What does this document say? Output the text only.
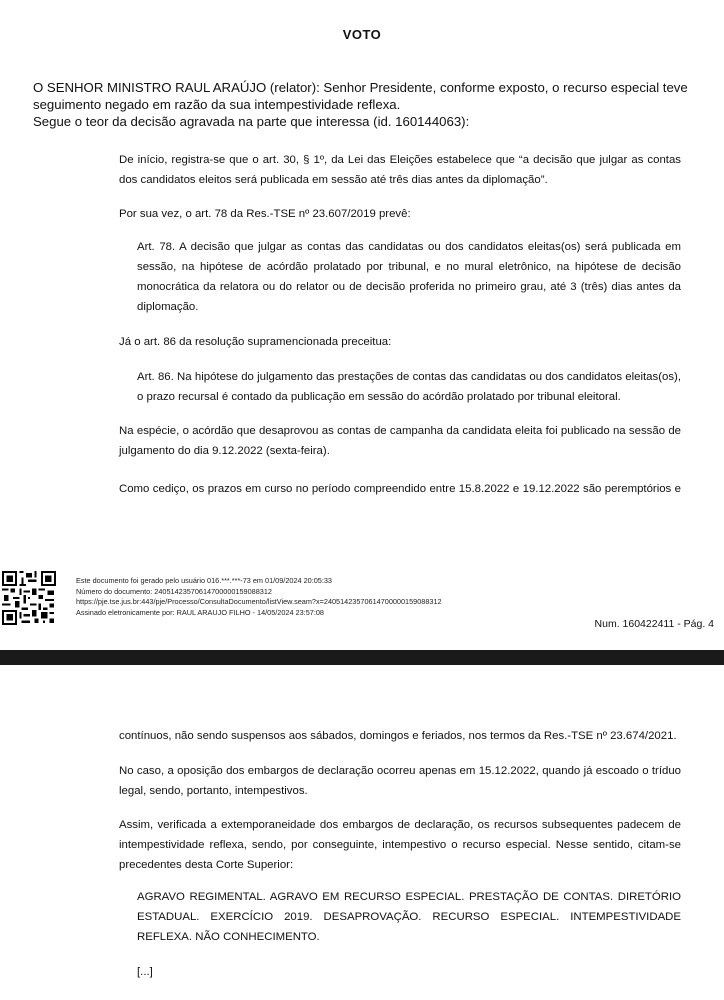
VOTO

O SENHOR MINISTRO RAUL ARAÚJO (relator): Senhor Presidente, conforme exposto, o recurso especial teve seguimento negado em razão da sua intempestividade reflexa.

Segue o teor da decisão agravada na parte que interessa (id. 160144063):

De início, registra-se que o art. 30, § 1º, da Lei das Eleições estabelece que “a decisão que julgar as contas dos candidatos eleitos será publicada em sessão até três dias antes da diplomação”.
Por sua vez, o art. 78 da Res.-TSE nº 23.607/2019 prevê:
Art. 78. A decisão que julgar as contas das candidatas ou dos candidatos eleitas(os) será publicada em sessão, na hipótese de acórdão prolatado por tribunal, e no mural eletrônico, na hipótese de decisão monocrática da relatora ou do relator ou de decisão proferida no primeiro grau, até 3 (três) dias antes da diplomação.
Já o art. 86 da resolução supramencionada preceitua:
Art. 86. Na hipótese do julgamento das prestações de contas das candidatas ou dos candidatos eleitas(os), o prazo recursal é contado da publicação em sessão do acórdão prolatado por tribunal eleitoral.
Na espécie, o acórdão que desaprovou as contas de campanha da candidata eleita foi publicado na sessão de julgamento do dia 9.12.2022 (sexta-feira).
Como cediço, os prazos em curso no período compreendido entre 15.8.2022 e 19.12.2022 são peremptórios e
Este documento foi gerado pelo usuário 016.***.***-73 em 01/09/2024 20:05:33
Número do documento: 24051423570614700000159088312
https://pje.tse.jus.br:443/pje/Processo/ConsultaDocumento/listView.seam?x=24051423570614700000159088312
Assinado eletronicamente por: RAUL ARAUJO FILHO - 14/05/2024 23:57:08
Num. 160422411 - Pág. 4
contínuos, não sendo suspensos aos sábados, domingos e feriados, nos termos da Res.-TSE nº 23.674/2021.
No caso, a oposição dos embargos de declaração ocorreu apenas em 15.12.2022, quando já escoado o tríduo legal, sendo, portanto, intempestivos.
Assim, verificada a extemporaneidade dos embargos de declaração, os recursos subsequentes padecem de intempestividade reflexa, sendo, por conseguinte, intempestivo o recurso especial. Nesse sentido, citam-se precedentes desta Corte Superior:
AGRAVO REGIMENTAL. AGRAVO EM RECURSO ESPECIAL. PRESTAÇÃO DE CONTAS. DIRETÓRIO ESTADUAL. EXERCÍCIO 2019. DESAPROVAÇÃO. RECURSO ESPECIAL. INTEMPESTIVIDADE REFLEXA. NÃO CONHECIMENTO.
[...]
